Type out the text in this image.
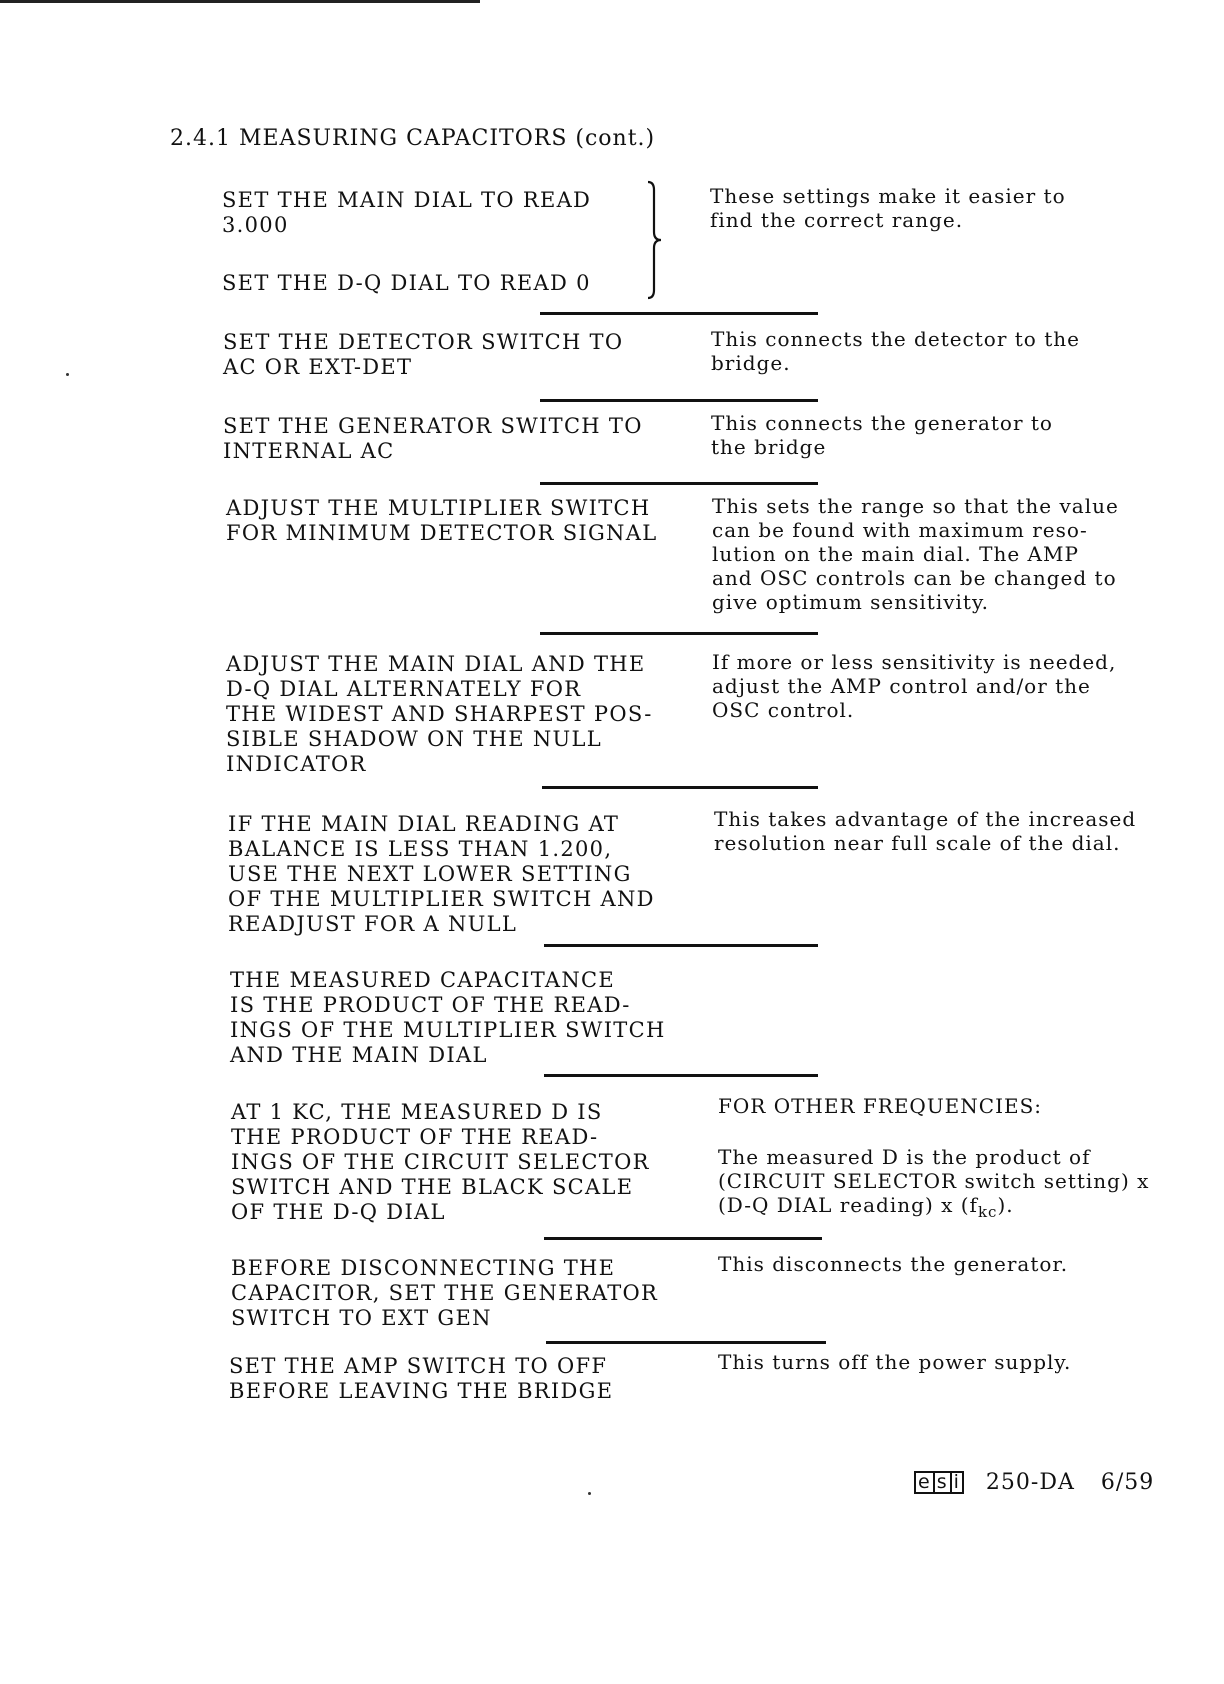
2.4.1 MEASURING CAPACITORS (cont.)
SET THE MAIN DIAL TO READ
3.000
SET THE D-Q DIAL TO READ 0
These settings make it easier to
find the correct range.
SET THE DETECTOR SWITCH TO
AC OR EXT-DET
This connects the detector to the
bridge.
SET THE GENERATOR SWITCH TO
INTERNAL AC
This connects the generator to
the bridge
ADJUST THE MULTIPLIER SWITCH
FOR MINIMUM DETECTOR SIGNAL
This sets the range so that the value
can be found with maximum reso-
lution on the main dial. The AMP
and OSC controls can be changed to
give optimum sensitivity.
ADJUST THE MAIN DIAL AND THE
D-Q DIAL ALTERNATELY FOR
THE WIDEST AND SHARPEST POS-
SIBLE SHADOW ON THE NULL
INDICATOR
If more or less sensitivity is needed,
adjust the AMP control and/or the
OSC control.
IF THE MAIN DIAL READING AT
BALANCE IS LESS THAN 1.200,
USE THE NEXT LOWER SETTING
OF THE MULTIPLIER SWITCH AND
READJUST FOR A NULL
This takes advantage of the increased
resolution near full scale of the dial.
THE MEASURED CAPACITANCE
IS THE PRODUCT OF THE READ-
INGS OF THE MULTIPLIER SWITCH
AND THE MAIN DIAL
AT 1 KC, THE MEASURED D IS
THE PRODUCT OF THE READ-
INGS OF THE CIRCUIT SELECTOR
SWITCH AND THE BLACK SCALE
OF THE D-Q DIAL
FOR OTHER FREQUENCIES:
The measured D is the product of
(CIRCUIT SELECTOR switch setting) x
(D-Q DIAL reading) x $(f_{kc})$.
BEFORE DISCONNECTING THE
CAPACITOR, SET THE GENERATOR
SWITCH TO EXT GEN
This disconnects the generator.
SET THE AMP SWITCH TO OFF
BEFORE LEAVING THE BRIDGE
This turns off the power supply.
e s i 250-DA 6/59
